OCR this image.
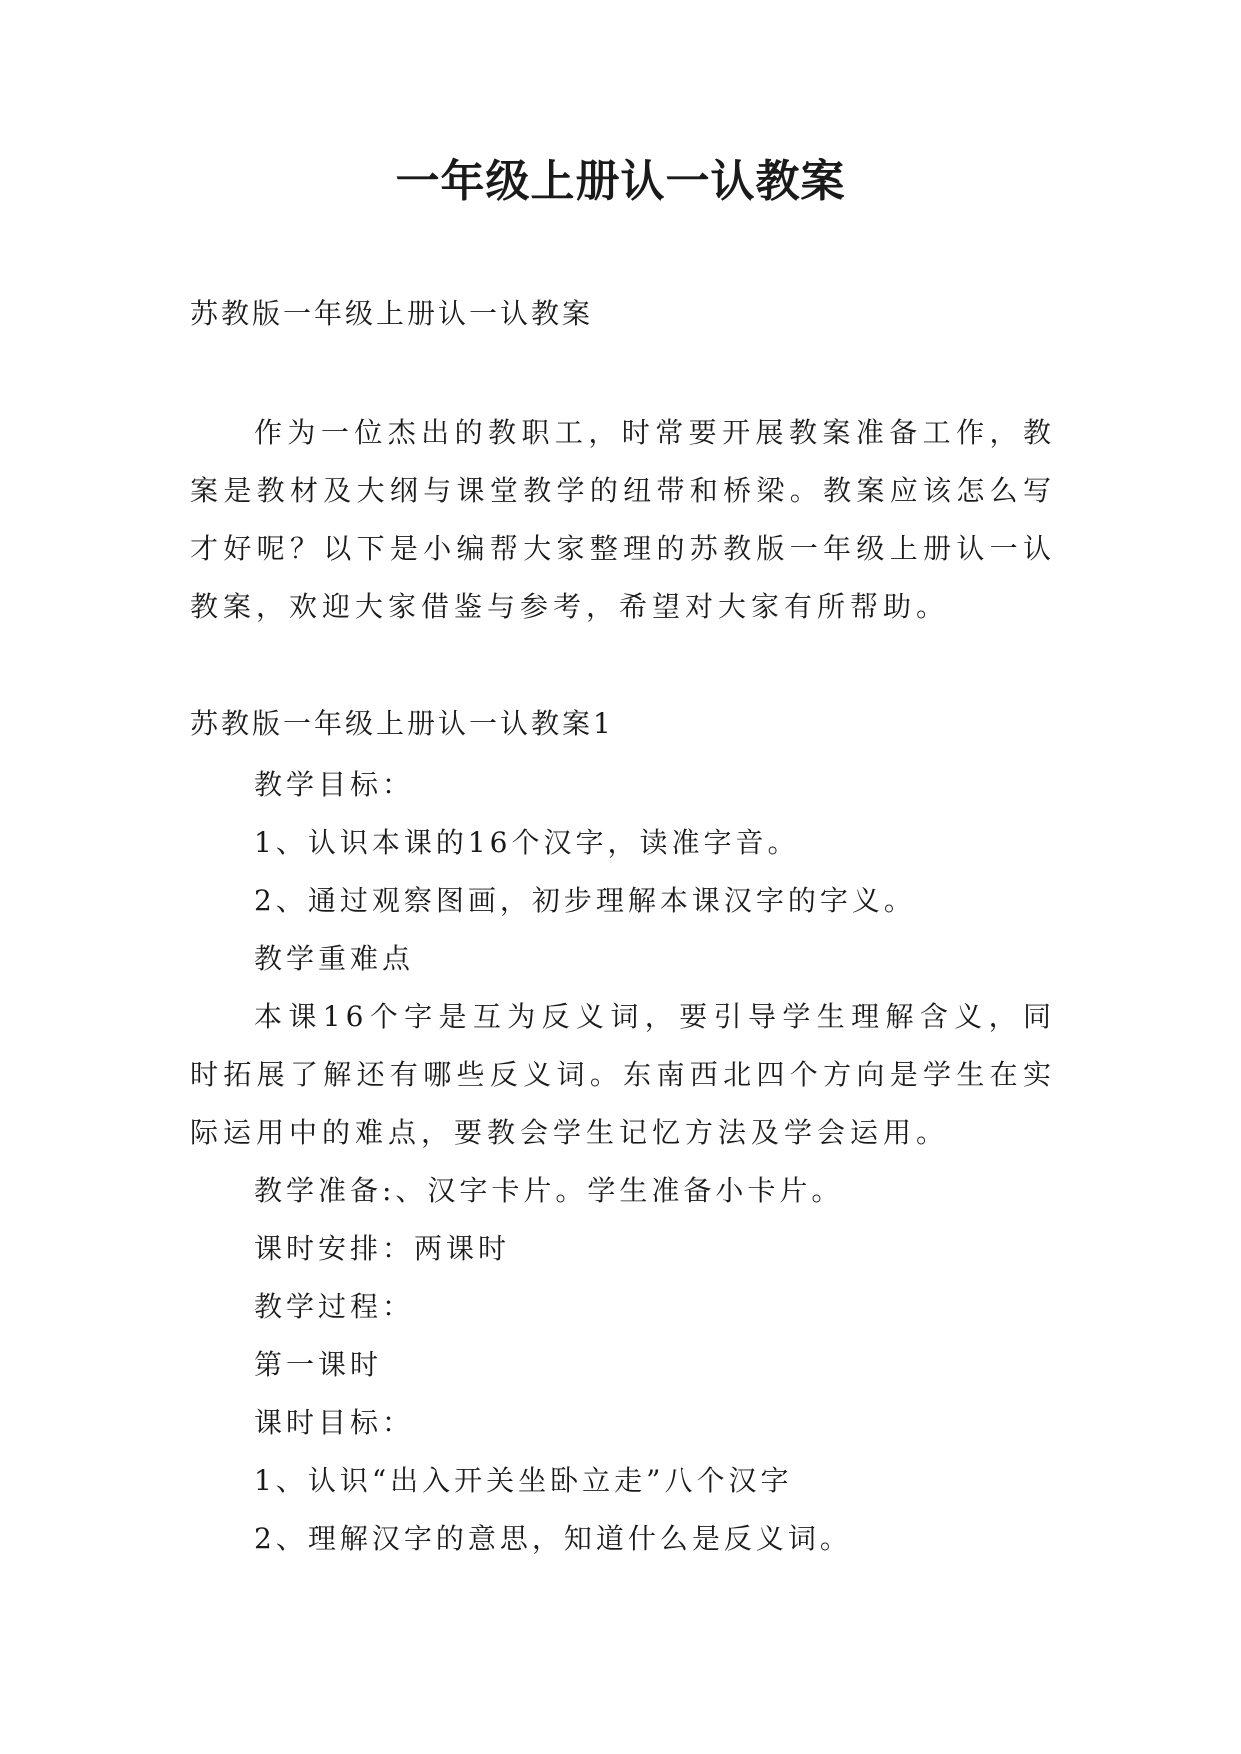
一年级上册认一认教案

苏教版一年级上册认一认教案

作为一位杰出的教职工，时常要开展教案准备工作，教案是教材及大纲与课堂教学的纽带和桥梁。教案应该怎么写才好呢？以下是小编帮大家整理的苏教版一年级上册认一认教案，欢迎大家借鉴与参考，希望对大家有所帮助。

苏教版一年级上册认一认教案1

教学目标：

1、认识本课的16个汉字，读准字音。

2、通过观察图画，初步理解本课汉字的字义。

教学重难点

本课16个字是互为反义词，要引导学生理解含义，同时拓展了解还有哪些反义词。东南西北四个方向是学生在实际运用中的难点，要教会学生记忆方法及学会运用。

教学准备:、汉字卡片。学生准备小卡片。

课时安排：两课时

教学过程：

第一课时

课时目标：

1、认识“出入开关坐卧立走”八个汉字

2、理解汉字的意思，知道什么是反义词。
